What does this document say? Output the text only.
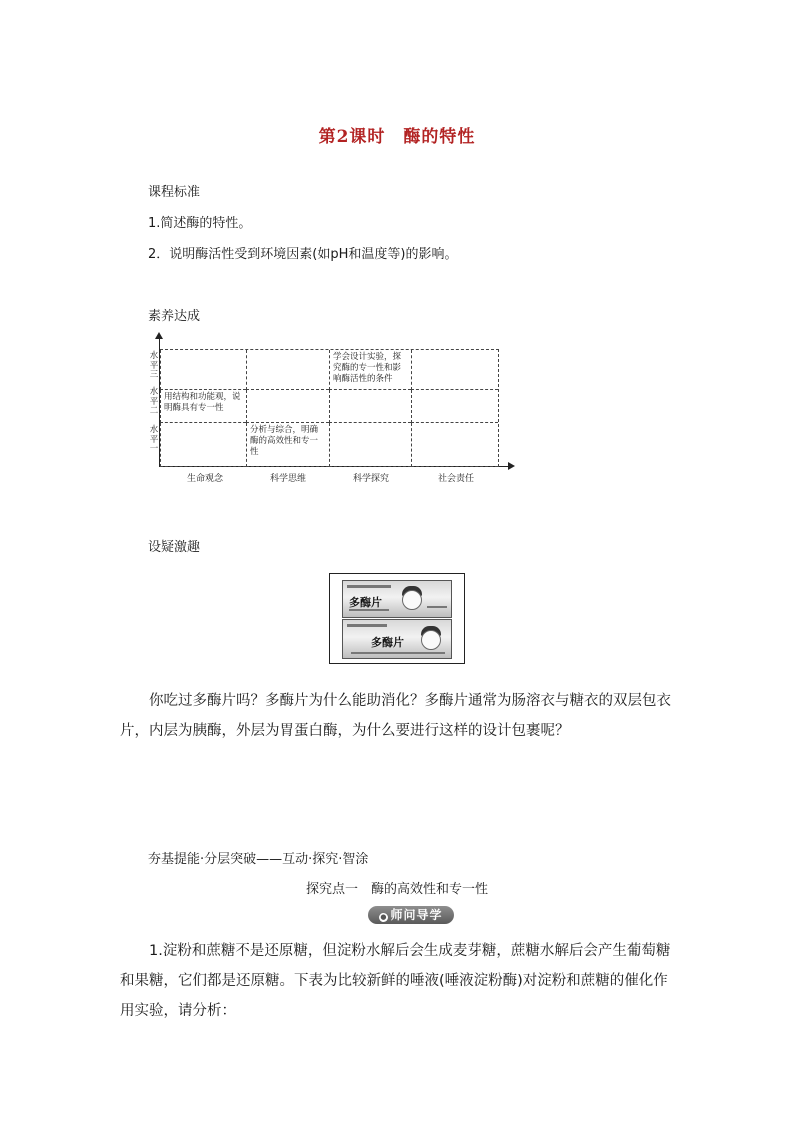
第2课时　酶的特性
课程标准
1.简述酶的特性。
2．说明酶活性受到环境因素(如pH和温度等)的影响。
素养达成
水平三
水平二
水平一
学会设计实验，探究酶的专一性和影响酶活性的条件
用结构和功能观，说明酶具有专一性
分析与综合，明确酶的高效性和专一性
生命观念	科学思维	科学探究	社会责任
设疑激趣
多酶片
多酶片
你吃过多酶片吗？多酶片为什么能助消化？多酶片通常为肠溶衣与糖衣的双层包衣片，内层为胰酶，外层为胃蛋白酶，为什么要进行这样的设计包裹呢？
夯基提能·分层突破——互动·探究·智涂
探究点一　酶的高效性和专一性
● 师问导学
1.淀粉和蔗糖不是还原糖，但淀粉水解后会生成麦芽糖，蔗糖水解后会产生葡萄糖和果糖，它们都是还原糖。下表为比较新鲜的唾液(唾液淀粉酶)对淀粉和蔗糖的催化作用实验，请分析：
